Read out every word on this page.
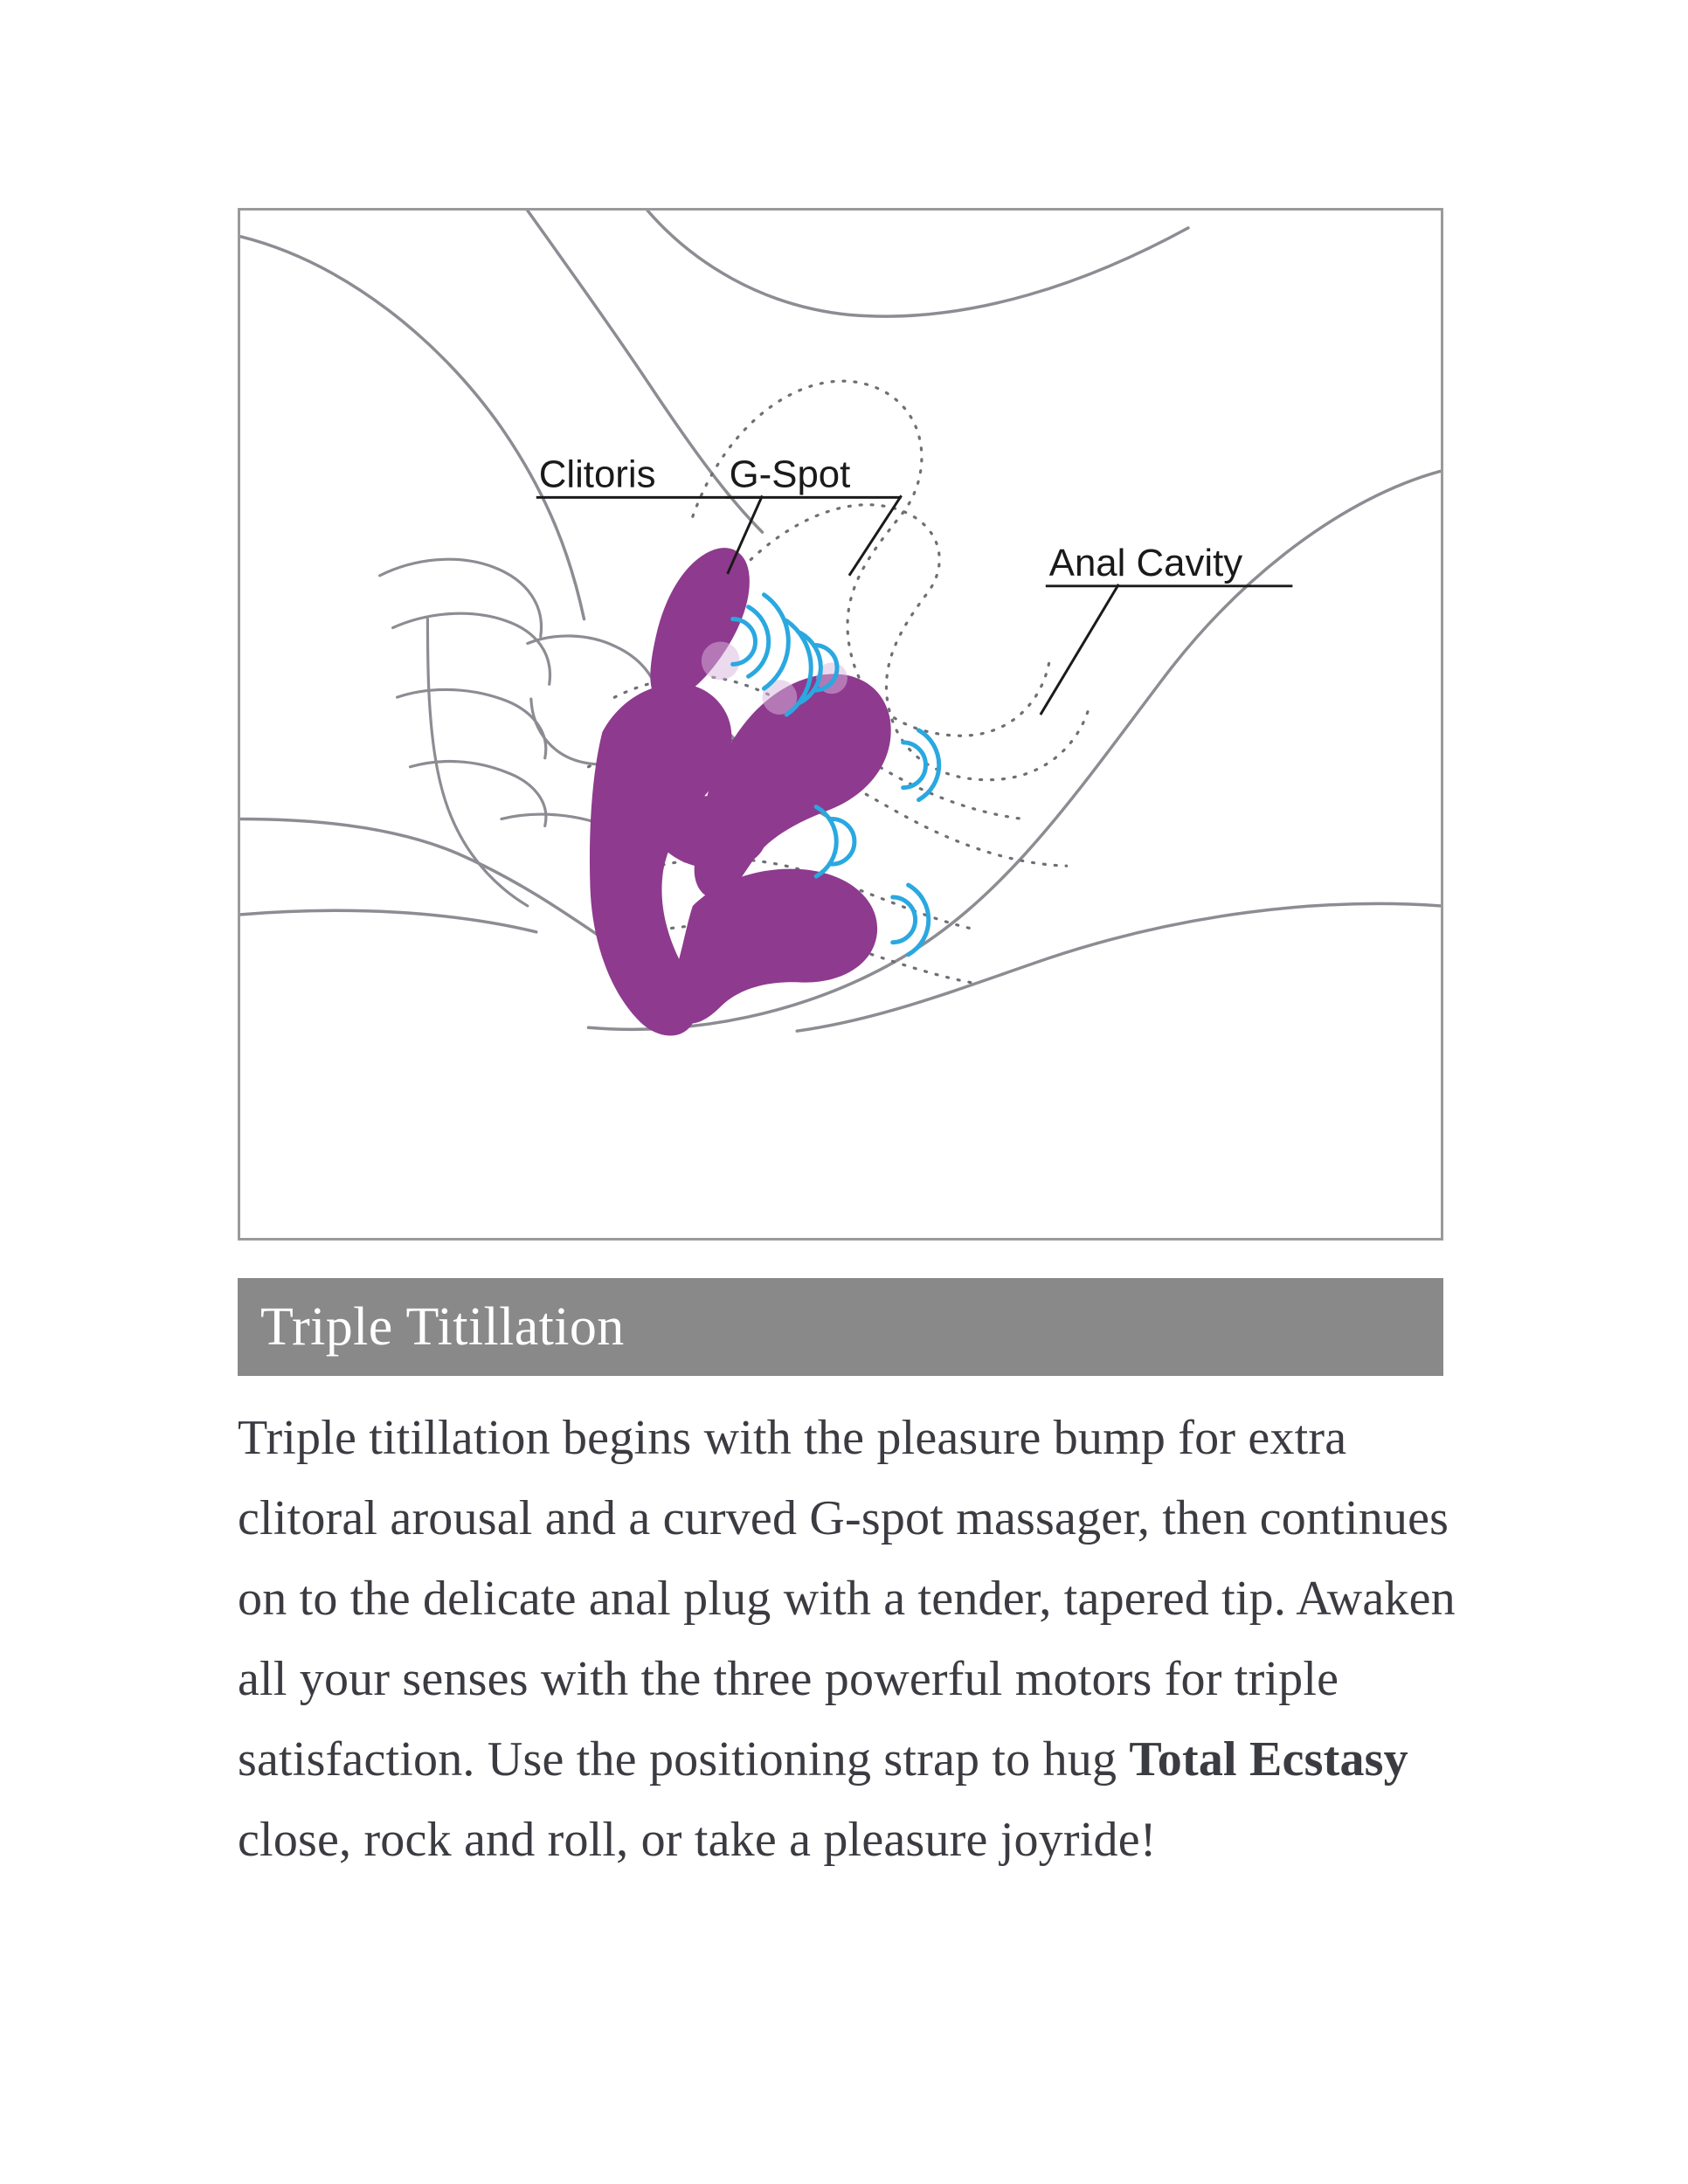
Clitoris G-Spot
Anal Cavity
Triple Titillation
Triple titillation begins with the pleasure bump for extra clitoral arousal and a curved G-spot massager, then continues on to the delicate anal plug with a tender, tapered tip. Awaken all your senses with the three powerful motors for triple satisfaction. Use the positioning strap to hug Total Ecstasy close, rock and roll, or take a pleasure joyride!
